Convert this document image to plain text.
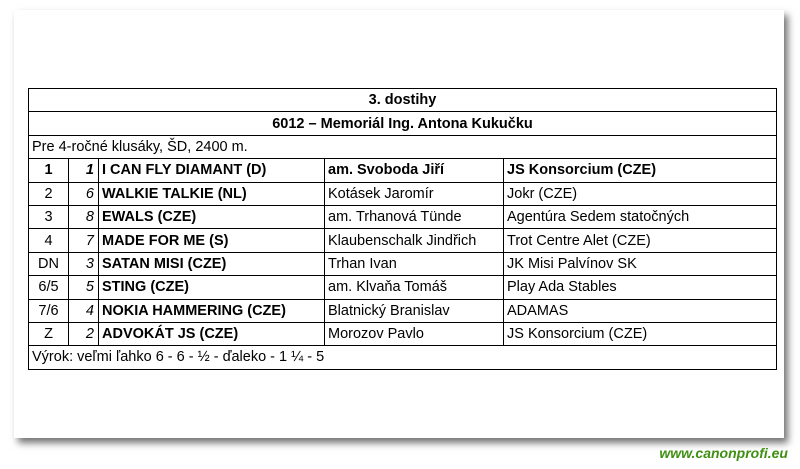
3. dostihy				
6012 – Memoriál Ing. Antona Kukučku				
Pre 4-ročné klusáky, ŠD, 2400 m.				
1	1	I CAN FLY DIAMANT (D)	am. Svoboda Jiří	JS Konsorcium (CZE)
2	6	WALKIE TALKIE (NL)	Kotásek Jaromír	Jokr (CZE)
3	8	EWALS (CZE)	am. Trhanová Tünde	Agentúra Sedem statočných
4	7	MADE FOR ME (S)	Klaubenschalk Jindřich	Trot Centre Alet (CZE)
DN	3	SATAN MISI (CZE)	Trhan Ivan	JK Misi Palvínov SK
6/5	5	STING (CZE)	am. Klvaňa Tomáš	Play Ada Stables
7/6	4	NOKIA HAMMERING (CZE)	Blatnický Branislav	ADAMAS
Z	2	ADVOKÁT JS (CZE)	Morozov Pavlo	JS Konsorcium (CZE)
Výrok: veľmi ľahko 6 - 6 - ½ - ďaleko - 1 ¼ - 5				
www.canonprofi.eu
